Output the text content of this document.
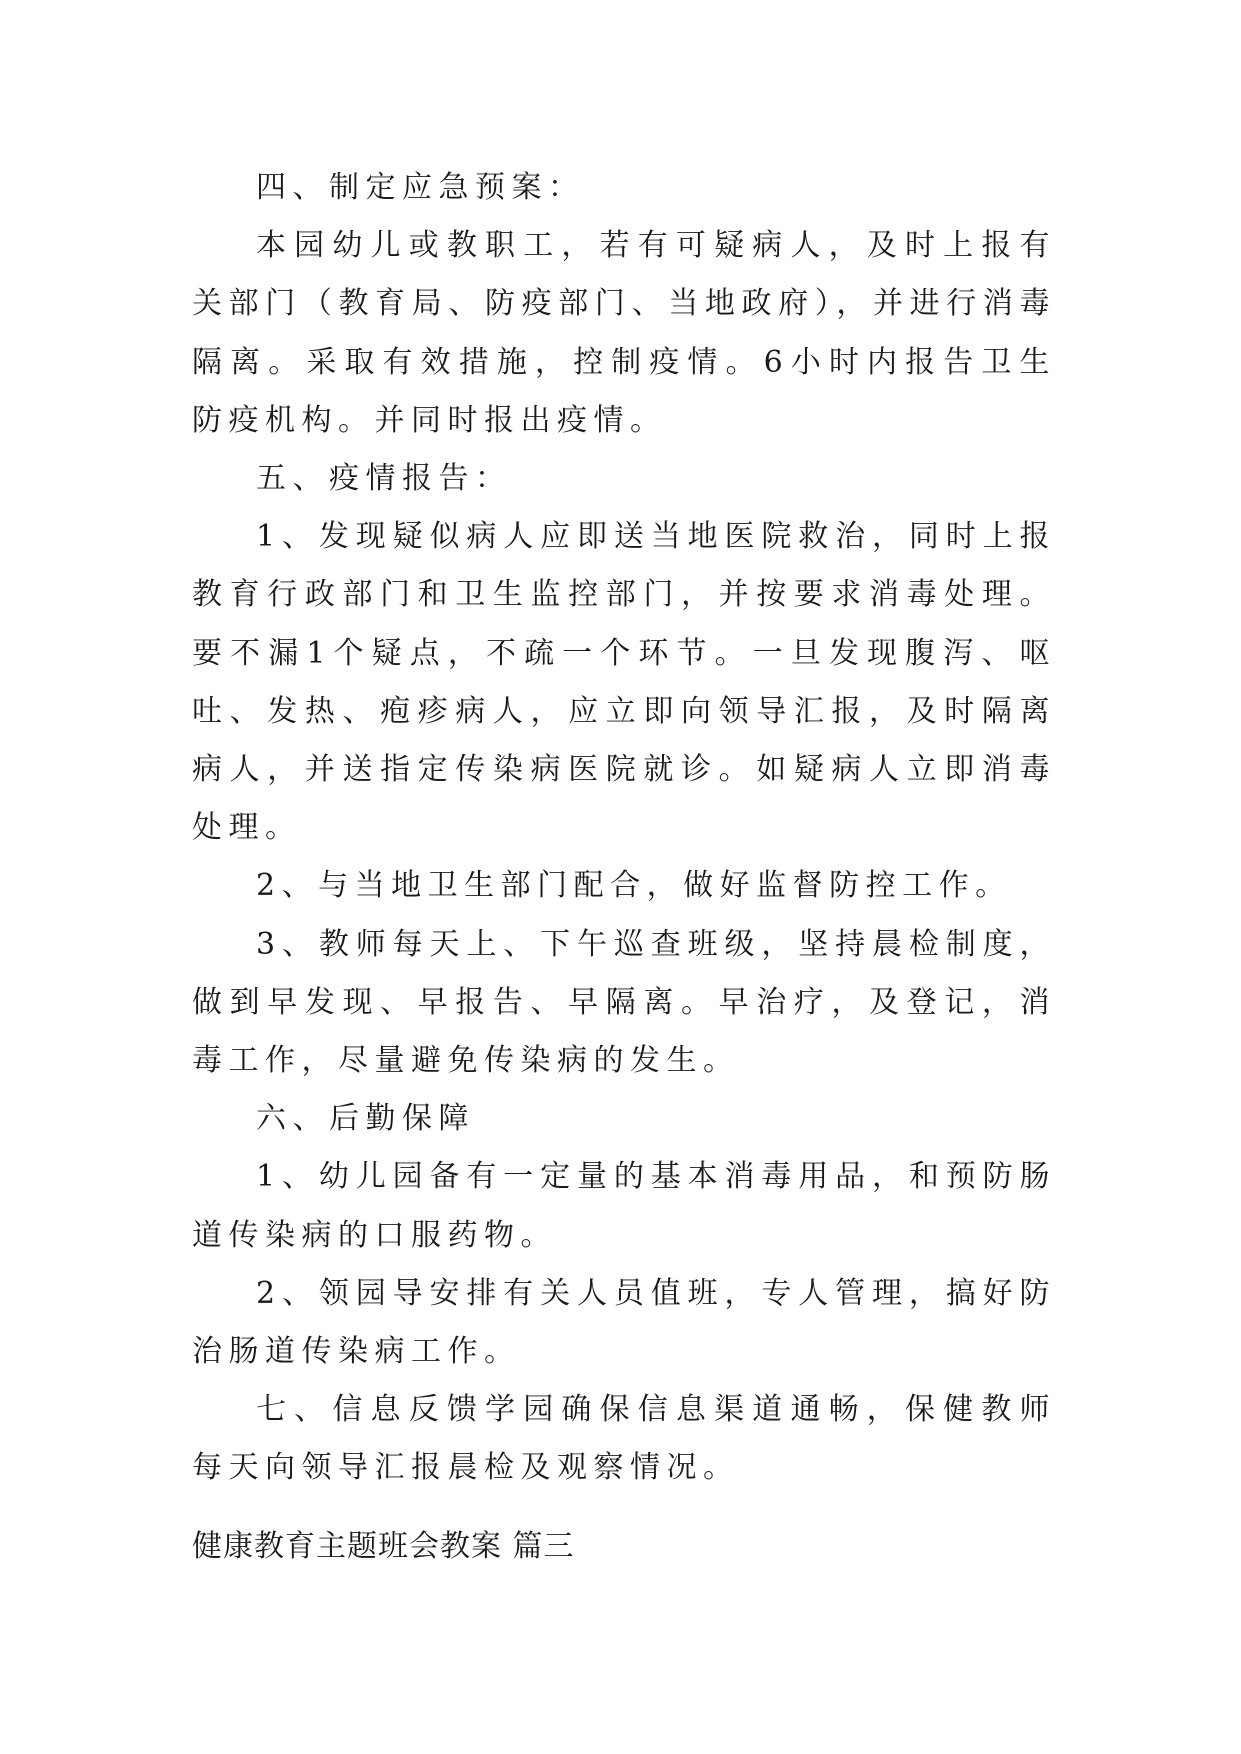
四、制定应急预案：

本园幼儿或教职工，若有可疑病人，及时上报有关部门（教育局、防疫部门、当地政府），并进行消毒隔离。采取有效措施，控制疫情。6小时内报告卫生防疫机构。并同时报出疫情。

五、疫情报告：

1、发现疑似病人应即送当地医院救治，同时上报教育行政部门和卫生监控部门，并按要求消毒处理。要不漏1个疑点，不疏一个环节。一旦发现腹泻、呕吐、发热、疱疹病人，应立即向领导汇报，及时隔离病人，并送指定传染病医院就诊。如疑病人立即消毒处理。

2、与当地卫生部门配合，做好监督防控工作。

3、教师每天上、下午巡查班级，坚持晨检制度，做到早发现、早报告、早隔离。早治疗，及登记，消毒工作，尽量避免传染病的发生。

六、后勤保障

1、幼儿园备有一定量的基本消毒用品，和预防肠道传染病的口服药物。

2、领园导安排有关人员值班，专人管理，搞好防治肠道传染病工作。

七、信息反馈学园确保信息渠道通畅，保健教师每天向领导汇报晨检及观察情况。

健康教育主题班会教案 篇三
